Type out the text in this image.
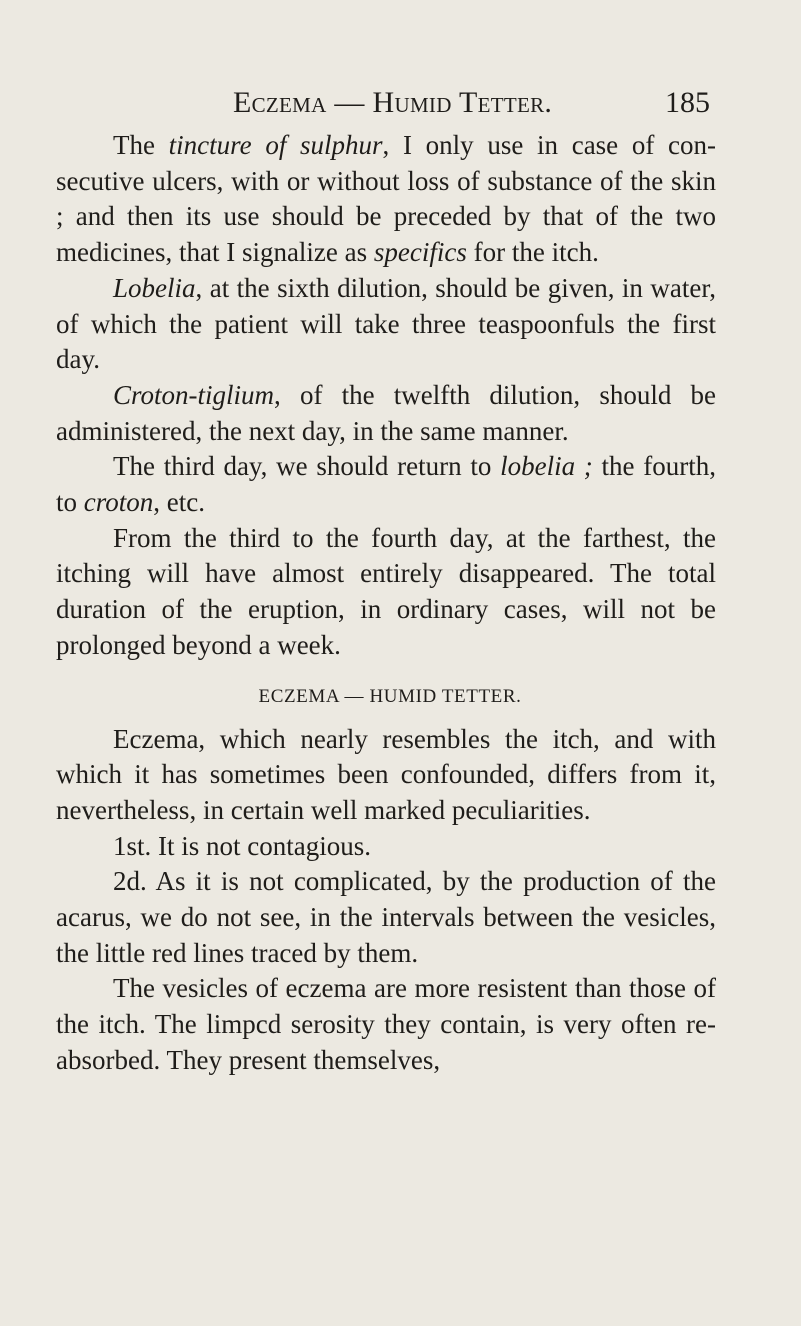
Eczema — Humid Tetter.	185

The tincture of sulphur, I only use in case of consecutive ulcers, with or without loss of substance of the skin ; and then its use should be preceded by that of the two medicines, that I signalize as specifics for the itch.

Lobelia, at the sixth dilution, should be given, in water, of which the patient will take three teaspoonfuls the first day.

Croton-tiglium, of the twelfth dilution, should be administered, the next day, in the same manner.

The third day, we should return to lobelia ; the fourth, to croton, etc.

From the third to the fourth day, at the farthest, the itching will have almost entirely disappeared. The total duration of the eruption, in ordinary cases, will not be prolonged beyond a week.

ECZEMA — HUMID TETTER.

Eczema, which nearly resembles the itch, and with which it has sometimes been confounded, differs from it, nevertheless, in certain well marked peculiarities.

1st. It is not contagious.

2d. As it is not complicated, by the production of the acarus, we do not see, in the intervals between the vesicles, the little red lines traced by them.

The vesicles of eczema are more resistent than those of the itch. The limpcd serosity they contain, is very often re-absorbed. They present themselves,
